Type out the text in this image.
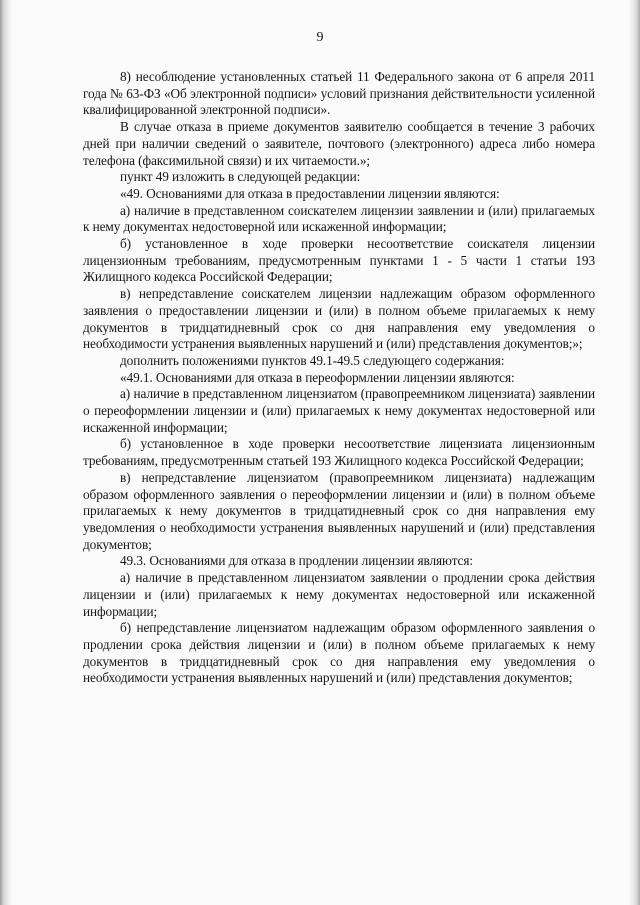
9

8) несоблюдение установленных статьей 11 Федерального закона от 6 апреля 2011 года № 63-ФЗ «Об электронной подписи» условий признания действительности усиленной квалифицированной электронной подписи».

В случае отказа в приеме документов заявителю сообщается в течение 3 рабочих дней при наличии сведений о заявителе, почтового (электронного) адреса либо номера телефона (факсимильной связи) и их читаемости.»;

пункт 49 изложить в следующей редакции:

«49. Основаниями для отказа в предоставлении лицензии являются:

а) наличие в представленном соискателем лицензии заявлении и (или) прилагаемых к нему документах недостоверной или искаженной информации;

б) установленное в ходе проверки несоответствие соискателя лицензии лицензионным требованиям, предусмотренным пунктами 1 - 5 части 1 статьи 193 Жилищного кодекса Российской Федерации;

в) непредставление соискателем лицензии надлежащим образом оформленного заявления о предоставлении лицензии и (или) в полном объеме прилагаемых к нему документов в тридцатидневный срок со дня направления ему уведомления о необходимости устранения выявленных нарушений и (или) представления документов;»;

дополнить положениями пунктов 49.1-49.5 следующего содержания:

«49.1. Основаниями для отказа в переоформлении лицензии являются:

а) наличие в представленном лицензиатом (правопреемником лицензиата) заявлении о переоформлении лицензии и (или) прилагаемых к нему документах недостоверной или искаженной информации;

б) установленное в ходе проверки несоответствие лицензиата лицензионным требованиям, предусмотренным статьей 193 Жилищного кодекса Российской Федерации;

в) непредставление лицензиатом (правопреемником лицензиата) надлежащим образом оформленного заявления о переоформлении лицензии и (или) в полном объеме прилагаемых к нему документов в тридцатидневный срок со дня направления ему уведомления о необходимости устранения выявленных нарушений и (или) представления документов;

49.3. Основаниями для отказа в продлении лицензии являются:

а) наличие в представленном лицензиатом заявлении о продлении срока действия лицензии и (или) прилагаемых к нему документах недостоверной или искаженной информации;

б) непредставление лицензиатом надлежащим образом оформленного заявления о продлении срока действия лицензии и (или) в полном объеме прилагаемых к нему документов в тридцатидневный срок со дня направления ему уведомления о необходимости устранения выявленных нарушений и (или) представления документов;
